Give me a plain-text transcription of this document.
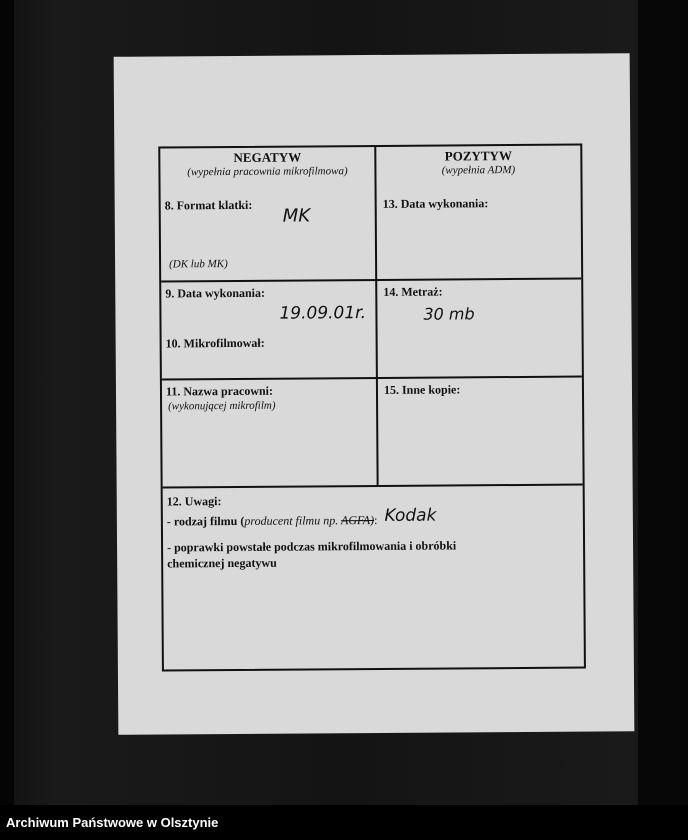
NEGATYW
(wypełnia pracownia mikrofilmowa)
POZYTYW
(wypełnia ADM)
8. Format klatki:
MK
(DK lub MK)
13. Data wykonania:
9. Data wykonania:
19.09.01r.
14. Metraż:
30 mb
10. Mikrofilmował:
11. Nazwa pracowni:
(wykonującej mikrofilm)
15. Inne kopie:
12. Uwagi:
- rodzaj filmu (producent filmu np. AGFA): Kodak
- poprawki powstałe podczas mikrofilmowania i obróbki
chemicznej negatywu
Archiwum Państwowe w Olsztynie
